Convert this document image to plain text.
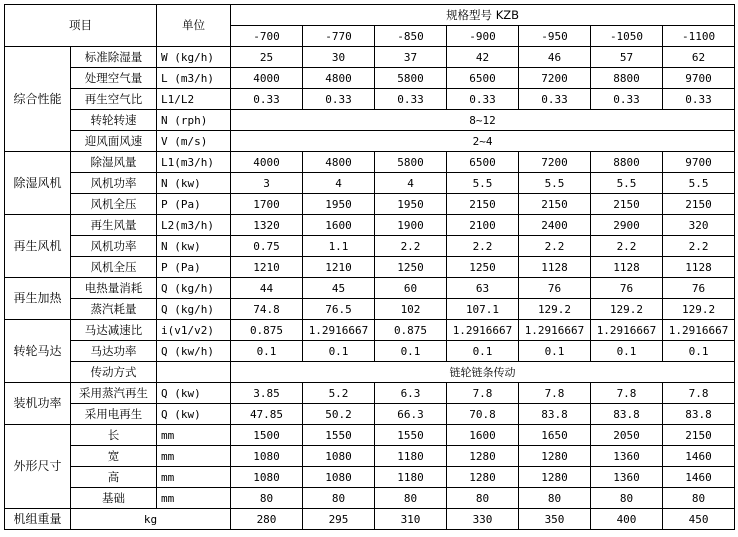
项目		单位	规格型号 KZB						
			-700	-770	-850	-900	-950	-1050	-1100
综合性能	标准除湿量	W (kg/h)	25	30	37	42	46	57	62
	处理空气量	L (m3/h)	4000	4800	5800	6500	7200	8800	9700
	再生空气比	L1/L2	0.33	0.33	0.33	0.33	0.33	0.33	0.33
	转轮转速	N (rph)	8~12						
	迎风面风速	V (m/s)	2~4						
除湿风机	除湿风量	L1(m3/h)	4000	4800	5800	6500	7200	8800	9700
	风机功率	N (kw)	3	4	4	5.5	5.5	5.5	5.5
	风机全压	P (Pa)	1700	1950	1950	2150	2150	2150	2150
再生风机	再生风量	L2(m3/h)	1320	1600	1900	2100	2400	2900	320
	风机功率	N (kw)	0.75	1.1	2.2	2.2	2.2	2.2	2.2
	风机全压	P (Pa)	1210	1210	1250	1250	1128	1128	1128
再生加热	电热量消耗	Q (kg/h)	44	45	60	63	76	76	76
	蒸汽耗量	Q (kg/h)	74.8	76.5	102	107.1	129.2	129.2	129.2
转轮马达	马达减速比	i(v1/v2)	0.875	1.2916667	0.875	1.2916667	1.2916667	1.2916667	1.2916667
	马达功率	Q (kw/h)	0.1	0.1	0.1	0.1	0.1	0.1	0.1
	传动方式		链轮链条传动						
装机功率	采用蒸汽再生	Q (kw)	3.85	5.2	6.3	7.8	7.8	7.8	7.8
	采用电再生	Q (kw)	47.85	50.2	66.3	70.8	83.8	83.8	83.8
外形尺寸	长	mm	1500	1550	1550	1600	1650	2050	2150
	宽	mm	1080	1080	1180	1280	1280	1360	1460
	高	mm	1080	1080	1180	1280	1280	1360	1460
	基础	mm	80	80	80	80	80	80	80
机组重量	kg		280	295	310	330	350	400	450
